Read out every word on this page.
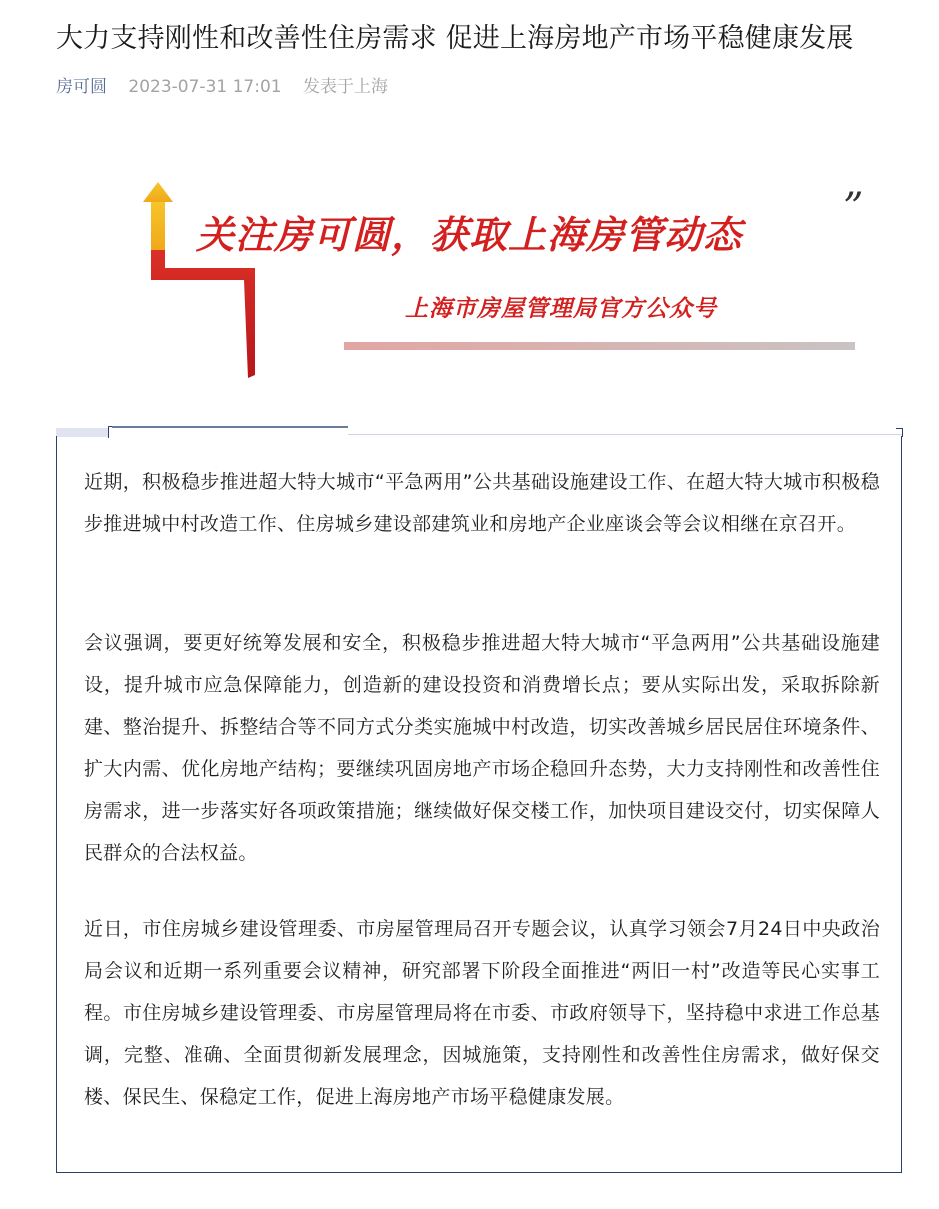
大力支持刚性和改善性住房需求 促进上海房地产市场平稳健康发展
房可圆 2023-07-31 17:01 发表于上海
关注房可圆，获取上海房管动态
”
上海市房屋管理局官方公众号

近期，积极稳步推进超大特大城市“平急两用”公共基础设施建设工作、在超大特大城市积极稳步推进城中村改造工作、住房城乡建设部建筑业和房地产企业座谈会等会议相继在京召开。

会议强调，要更好统筹发展和安全，积极稳步推进超大特大城市“平急两用”公共基础设施建设，提升城市应急保障能力，创造新的建设投资和消费增长点；要从实际出发，采取拆除新建、整治提升、拆整结合等不同方式分类实施城中村改造，切实改善城乡居民居住环境条件、扩大内需、优化房地产结构；要继续巩固房地产市场企稳回升态势，大力支持刚性和改善性住房需求，进一步落实好各项政策措施；继续做好保交楼工作，加快项目建设交付，切实保障人民群众的合法权益。

近日，市住房城乡建设管理委、市房屋管理局召开专题会议，认真学习领会7月24日中央政治局会议和近期一系列重要会议精神，研究部署下阶段全面推进“两旧一村”改造等民心实事工程。市住房城乡建设管理委、市房屋管理局将在市委、市政府领导下，坚持稳中求进工作总基调，完整、准确、全面贯彻新发展理念，因城施策，支持刚性和改善性住房需求，做好保交楼、保民生、保稳定工作，促进上海房地产市场平稳健康发展。
